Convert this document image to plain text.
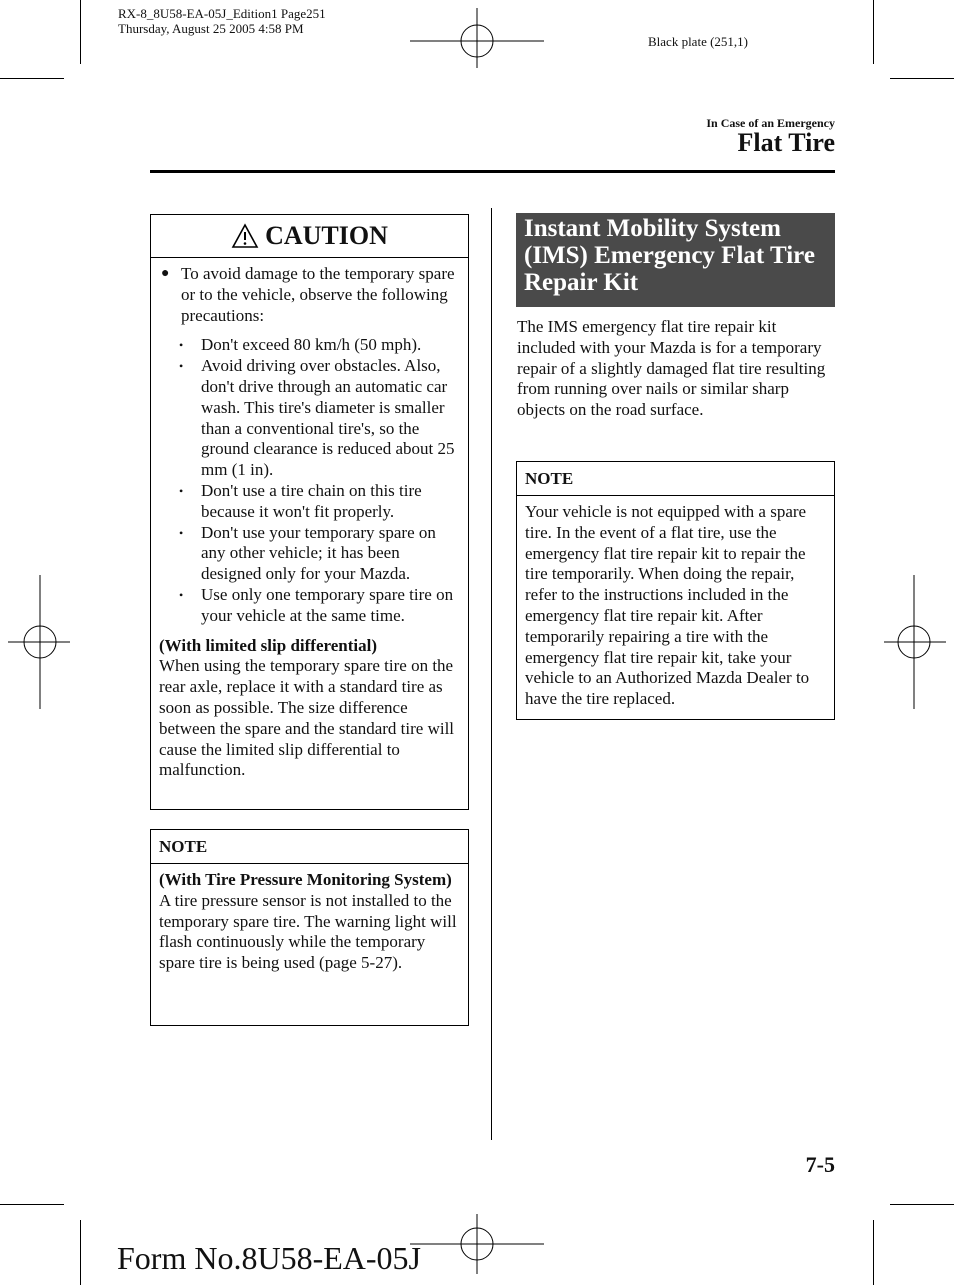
RX-8_8U58-EA-05J_Edition1 Page251
Thursday, August 25 2005 4:58 PM
Black plate (251,1)
In Case of an Emergency
Flat Tire
CAUTION
● To avoid damage to the temporary spare or to the vehicle, observe the following precautions:
•	Don't exceed 80 km/h (50 mph).
•	Avoid driving over obstacles. Also, don't drive through an automatic car wash. This tire's diameter is smaller than a conventional tire's, so the ground clearance is reduced about 25 mm (1 in).
•	Don't use a tire chain on this tire because it won't fit properly.
•	Don't use your temporary spare on any other vehicle; it has been designed only for your Mazda.
•	Use only one temporary spare tire on your vehicle at the same time.
(With limited slip differential)
When using the temporary spare tire on the rear axle, replace it with a standard tire as soon as possible. The size difference between the spare and the standard tire will cause the limited slip differential to malfunction.
NOTE
(With Tire Pressure Monitoring System)
A tire pressure sensor is not installed to the temporary spare tire. The warning light will flash continuously while the temporary spare tire is being used (page 5-27).
Instant Mobility System (IMS) Emergency Flat Tire Repair Kit
The IMS emergency flat tire repair kit included with your Mazda is for a temporary repair of a slightly damaged flat tire resulting from running over nails or similar sharp objects on the road surface.
NOTE
Your vehicle is not equipped with a spare tire. In the event of a flat tire, use the emergency flat tire repair kit to repair the tire temporarily. When doing the repair, refer to the instructions included in the emergency flat tire repair kit. After temporarily repairing a tire with the emergency flat tire repair kit, take your vehicle to an Authorized Mazda Dealer to have the tire replaced.
7-5
Form No.8U58-EA-05J
